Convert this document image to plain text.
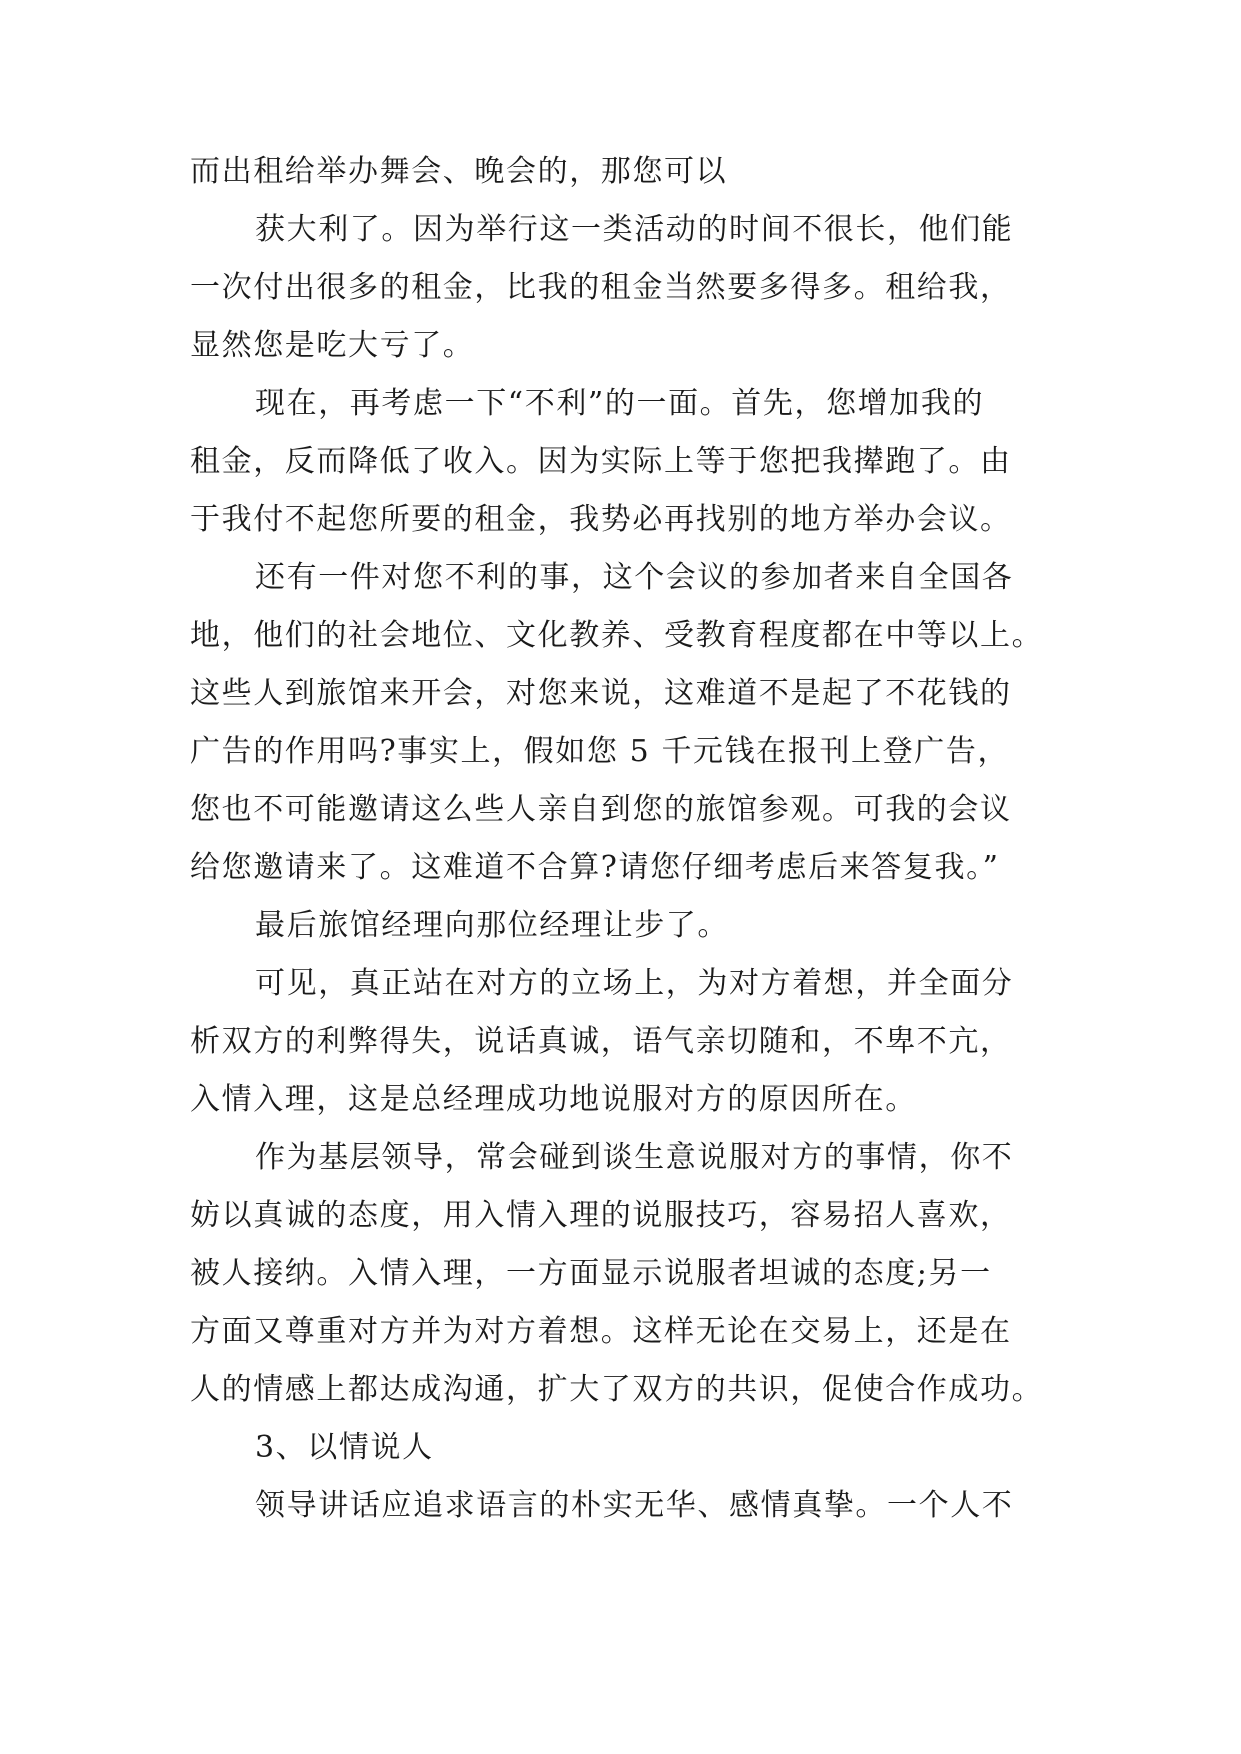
而出租给举办舞会、晚会的，那您可以
获大利了。因为举行这一类活动的时间不很长，他们能
一次付出很多的租金，比我的租金当然要多得多。租给我，
显然您是吃大亏了。
现在，再考虑一下“不利”的一面。首先，您增加我的
租金，反而降低了收入。因为实际上等于您把我撵跑了。由
于我付不起您所要的租金，我势必再找别的地方举办会议。
还有一件对您不利的事，这个会议的参加者来自全国各
地，他们的社会地位、文化教养、受教育程度都在中等以上。
这些人到旅馆来开会，对您来说，这难道不是起了不花钱的
广告的作用吗?事实上，假如您 5 千元钱在报刊上登广告，
您也不可能邀请这么些人亲自到您的旅馆参观。可我的会议
给您邀请来了。这难道不合算?请您仔细考虑后来答复我。”
最后旅馆经理向那位经理让步了。
可见，真正站在对方的立场上，为对方着想，并全面分
析双方的利弊得失，说话真诚，语气亲切随和，不卑不亢，
入情入理，这是总经理成功地说服对方的原因所在。
作为基层领导，常会碰到谈生意说服对方的事情，你不
妨以真诚的态度，用入情入理的说服技巧，容易招人喜欢，
被人接纳。入情入理，一方面显示说服者坦诚的态度;另一
方面又尊重对方并为对方着想。这样无论在交易上，还是在
人的情感上都达成沟通，扩大了双方的共识，促使合作成功。
3、以情说人
领导讲话应追求语言的朴实无华、感情真挚。一个人不
